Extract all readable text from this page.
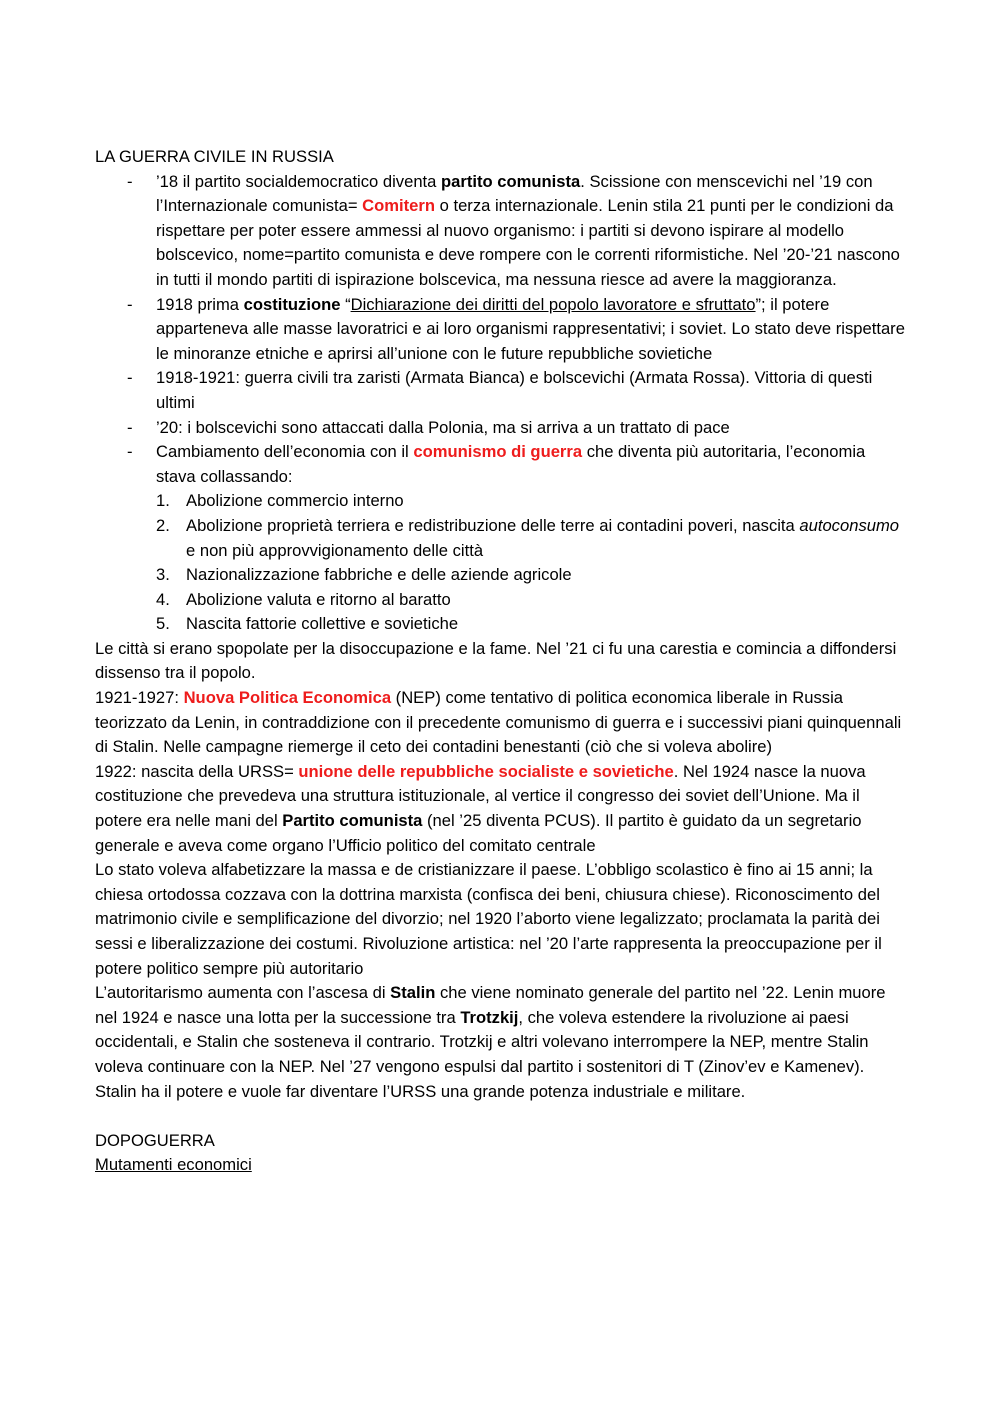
LA GUERRA CIVILE IN RUSSIA

- ’18 il partito socialdemocratico diventa partito comunista. Scissione con menscevichi nel ’19 con l’Internazionale comunista= Comitern o terza internazionale. Lenin stila 21 punti per le condizioni da rispettare per poter essere ammessi al nuovo organismo: i partiti si devono ispirare al modello bolscevico, nome=partito comunista e deve rompere con le correnti riformistiche. Nel ’20-’21 nascono in tutti il mondo partiti di ispirazione bolscevica, ma nessuna riesce ad avere la maggioranza.
- 1918 prima costituzione “Dichiarazione dei diritti del popolo lavoratore e sfruttato”; il potere apparteneva alle masse lavoratrici e ai loro organismi rappresentativi; i soviet. Lo stato deve rispettare le minoranze etniche e aprirsi all’unione con le future repubbliche sovietiche
- 1918-1921: guerra civili tra zaristi (Armata Bianca) e bolscevichi (Armata Rossa). Vittoria di questi ultimi
- ’20: i bolscevichi sono attaccati dalla Polonia, ma si arriva a un trattato di pace
- Cambiamento dell’economia con il comunismo di guerra che diventa più autoritaria, l’economia stava collassando:
1. Abolizione commercio interno
2. Abolizione proprietà terriera e redistribuzione delle terre ai contadini poveri, nascita autoconsumo e non più approvvigionamento delle città
3. Nazionalizzazione fabbriche e delle aziende agricole
4. Abolizione valuta e ritorno al baratto
5. Nascita fattorie collettive e sovietiche

Le città si erano spopolate per la disoccupazione e la fame. Nel ’21 ci fu una carestia e comincia a diffondersi dissenso tra il popolo.

1921-1927: Nuova Politica Economica (NEP) come tentativo di politica economica liberale in Russia teorizzato da Lenin, in contraddizione con il precedente comunismo di guerra e i successivi piani quinquennali di Stalin. Nelle campagne riemerge il ceto dei contadini benestanti (ciò che si voleva abolire)

1922: nascita della URSS= unione delle repubbliche socialiste e sovietiche. Nel 1924 nasce la nuova costituzione che prevedeva una struttura istituzionale, al vertice il congresso dei soviet dell’Unione. Ma il potere era nelle mani del Partito comunista (nel ’25 diventa PCUS). Il partito è guidato da un segretario generale e aveva come organo l’Ufficio politico del comitato centrale

Lo stato voleva alfabetizzare la massa e de cristianizzare il paese. L’obbligo scolastico è fino ai 15 anni; la chiesa ortodossa cozzava con la dottrina marxista (confisca dei beni, chiusura chiese). Riconoscimento del matrimonio civile e semplificazione del divorzio; nel 1920 l’aborto viene legalizzato; proclamata la parità dei sessi e liberalizzazione dei costumi. Rivoluzione artistica: nel ’20 l’arte rappresenta la preoccupazione per il potere politico sempre più autoritario

L’autoritarismo aumenta con l’ascesa di Stalin che viene nominato generale del partito nel ’22. Lenin muore nel 1924 e nasce una lotta per la successione tra Trotzkij, che voleva estendere la rivoluzione ai paesi occidentali, e Stalin che sosteneva il contrario. Trotzkij e altri volevano interrompere la NEP, mentre Stalin voleva continuare con la NEP. Nel ’27 vengono espulsi dal partito i sostenitori di T (Zinov’ev e Kamenev). Stalin ha il potere e vuole far diventare l’URSS una grande potenza industriale e militare.

DOPOGUERRA

Mutamenti economici
